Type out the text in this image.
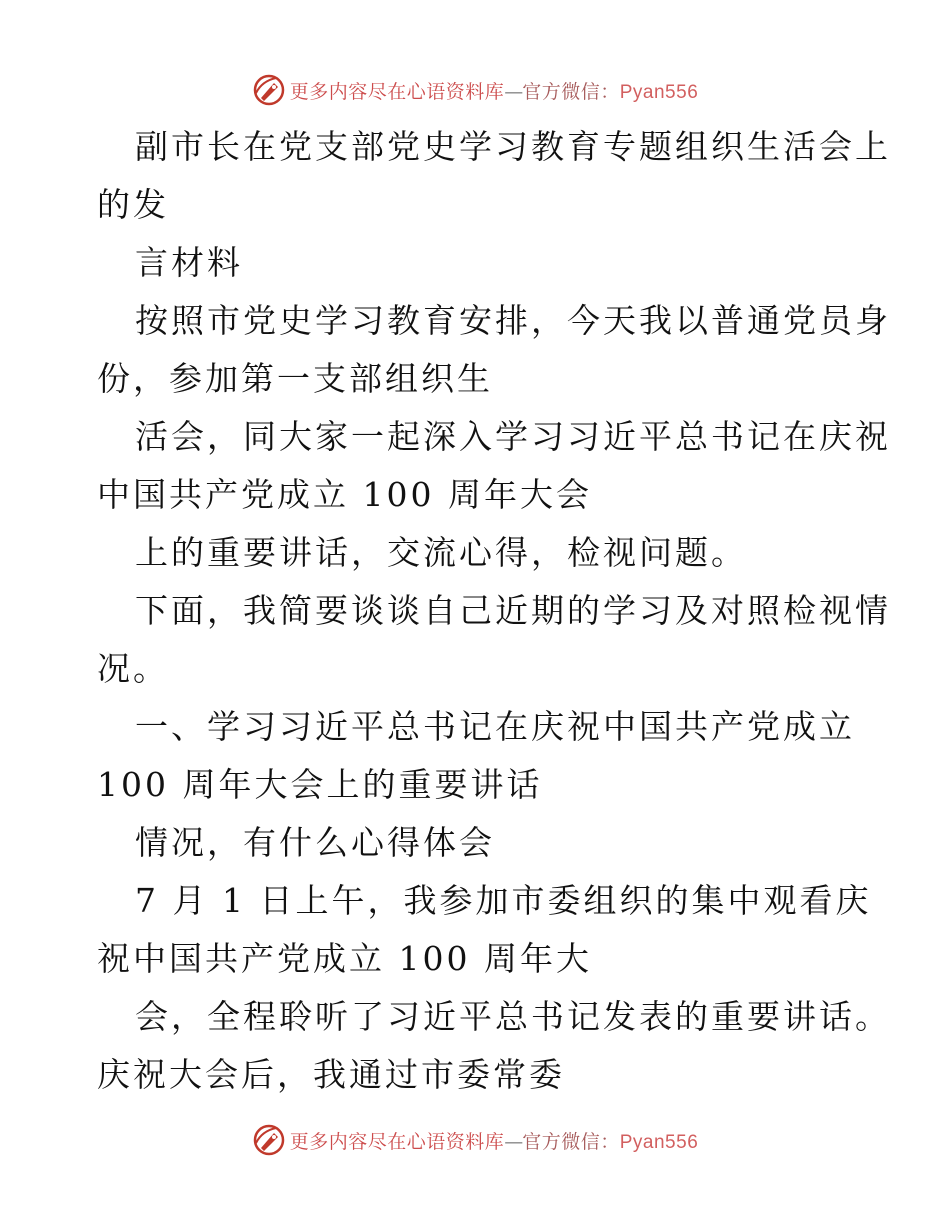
更多内容尽在心语资料库—官方微信：Pyan556
副市长在党支部党史学习教育专题组织生活会上
的发
言材料
按照市党史学习教育安排，今天我以普通党员身
份，参加第一支部组织生
活会，同大家一起深入学习习近平总书记在庆祝
中国共产党成立 100 周年大会
上的重要讲话，交流心得，检视问题。
下面，我简要谈谈自己近期的学习及对照检视情
况。
一、学习习近平总书记在庆祝中国共产党成立
100 周年大会上的重要讲话
情况，有什么心得体会
7 月 1 日上午，我参加市委组织的集中观看庆
祝中国共产党成立 100 周年大
会，全程聆听了习近平总书记发表的重要讲话。
庆祝大会后，我通过市委常委
更多内容尽在心语资料库—官方微信：Pyan556
